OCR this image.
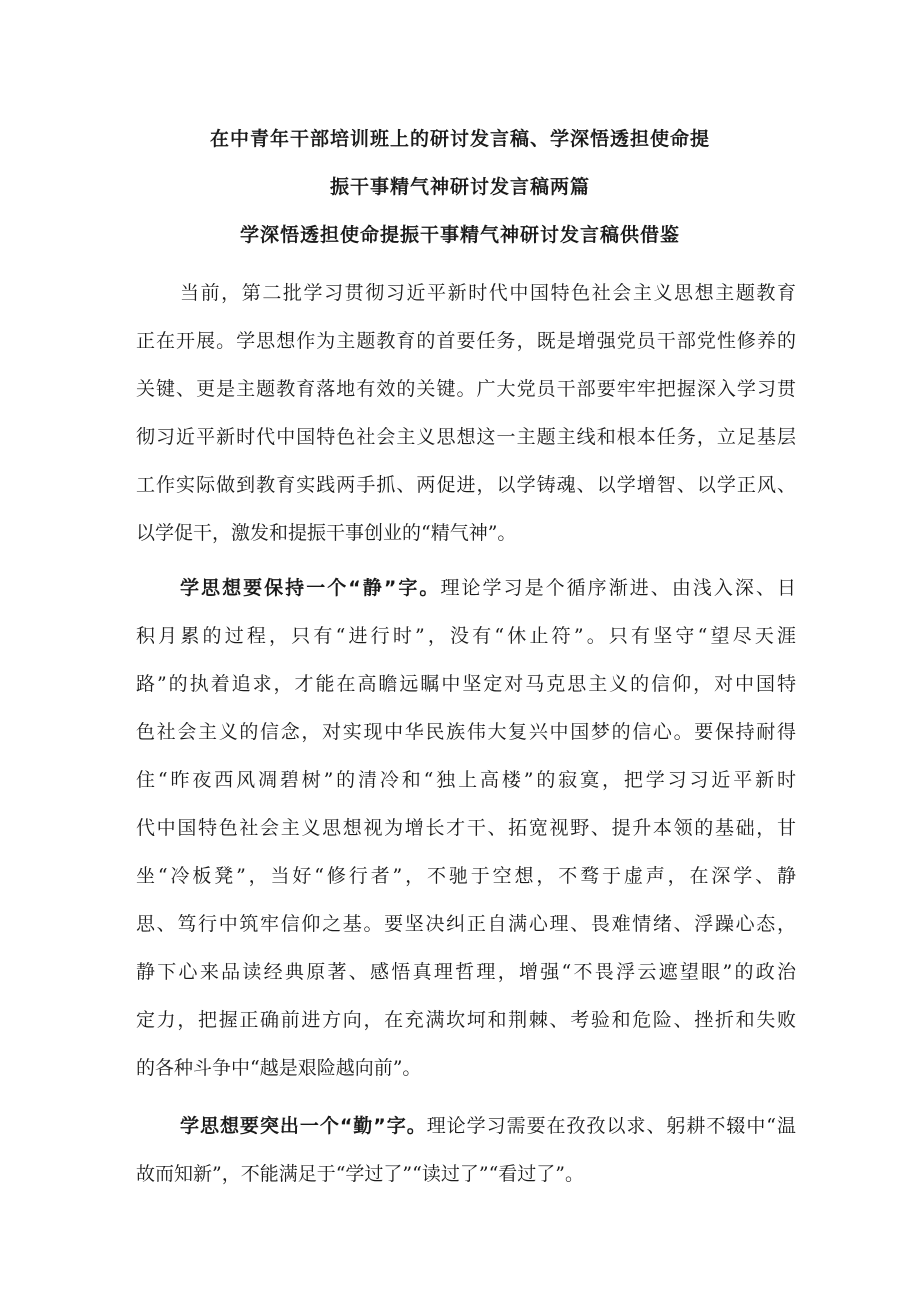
在中青年干部培训班上的研讨发言稿、学深悟透担使命提
振干事精气神研讨发言稿两篇
学深悟透担使命提振干事精气神研讨发言稿供借鉴
当前，第二批学习贯彻习近平新时代中国特色社会主义思想主题教育
正在开展。学思想作为主题教育的首要任务，既是增强党员干部党性修养的
关键、更是主题教育落地有效的关键。广大党员干部要牢牢把握深入学习贯
彻习近平新时代中国特色社会主义思想这一主题主线和根本任务，立足基层
工作实际做到教育实践两手抓、两促进，以学铸魂、以学增智、以学正风、
以学促干，激发和提振干事创业的“精气神”。
学思想要保持一个“静”字。理论学习是个循序渐进、由浅入深、日
积月累的过程，只有“进行时”，没有“休止符”。只有坚守“望尽天涯
路”的执着追求，才能在高瞻远瞩中坚定对马克思主义的信仰，对中国特
色社会主义的信念，对实现中华民族伟大复兴中国梦的信心。要保持耐得
住“昨夜西风凋碧树”的清冷和“独上高楼”的寂寞，把学习习近平新时
代中国特色社会主义思想视为增长才干、拓宽视野、提升本领的基础，甘
坐“冷板凳”，当好“修行者”，不驰于空想，不骛于虚声，在深学、静
思、笃行中筑牢信仰之基。要坚决纠正自满心理、畏难情绪、浮躁心态，
静下心来品读经典原著、感悟真理哲理，增强“不畏浮云遮望眼”的政治
定力，把握正确前进方向，在充满坎坷和荆棘、考验和危险、挫折和失败
的各种斗争中“越是艰险越向前”。
学思想要突出一个“勤”字。理论学习需要在孜孜以求、躬耕不辍中“温
故而知新”，不能满足于“学过了”“读过了”“看过了”。
